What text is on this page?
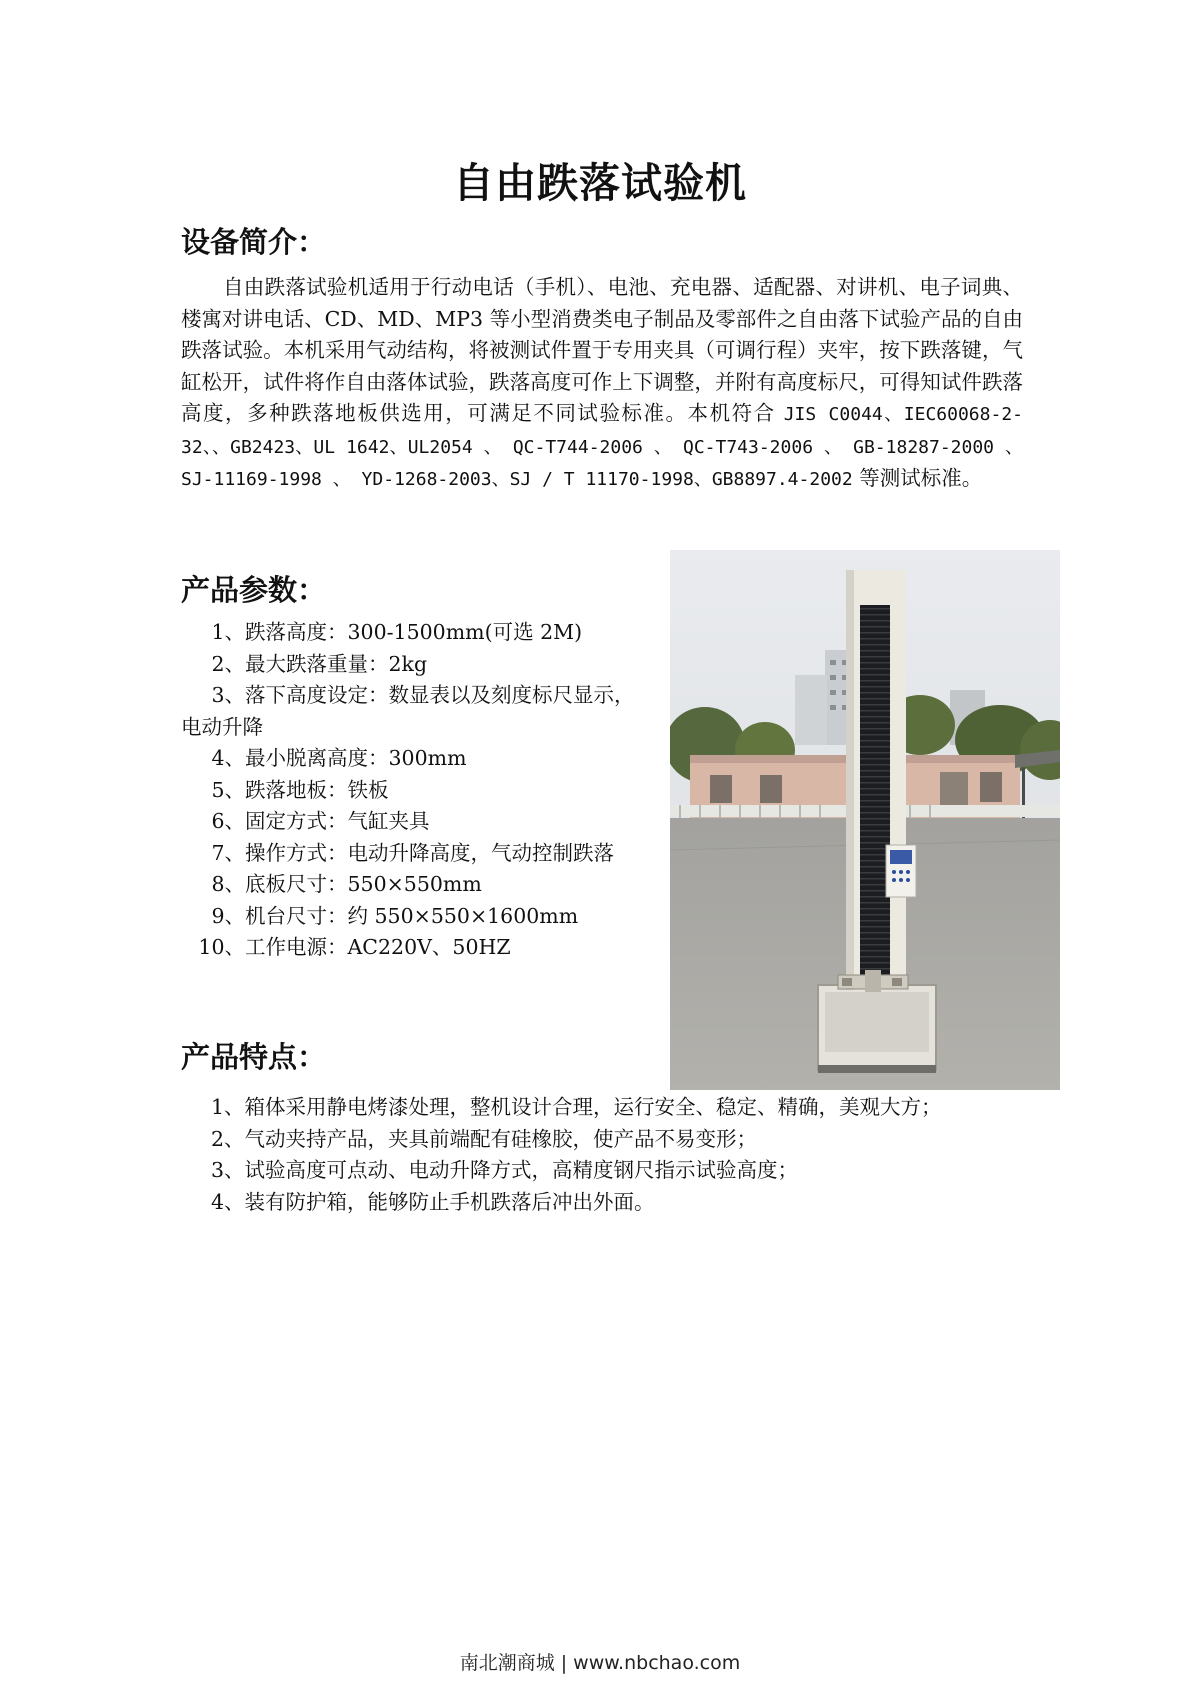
自由跌落试验机
设备简介：

自由跌落试验机适用于行动电话（手机）、电池、充电器、适配器、对讲机、电子词典、楼寓对讲电话、CD、MD、MP3 等小型消费类电子制品及零部件之自由落下试验产品的自由跌落试验。本机采用气动结构，将被测试件置于专用夹具（可调行程）夹牢，按下跌落键，气缸松开，试件将作自由落体试验，跌落高度可作上下调整，并附有高度标尺，可得知试件跌落高度，多种跌落地板供选用，可满足不同试验标准。本机符合 JIS C0044、IEC60068-2-32、、GB2423、UL 1642、UL2054 、 QC-T744-2006 、 QC-T743-2006 、 GB-18287-2000 、 SJ-11169-1998 、 YD-1268-2003、SJ / T 11170-1998、GB8897.4-2002 等测试标准。

产品参数：
1、跌落高度：300-1500mm(可选 2M)
2、最大跌落重量：2kg
3、落下高度设定：数显表以及刻度标尺显示，电动升降
4、最小脱离高度：300mm
5、跌落地板：铁板
6、固定方式：气缸夹具
7、操作方式：电动升降高度，气动控制跌落
8、底板尺寸：550×550mm
9、机台尺寸：约 550×550×1600mm
10、工作电源：AC220V、50HZ
产品特点：
1、箱体采用静电烤漆处理，整机设计合理，运行安全、稳定、精确，美观大方；
2、气动夹持产品，夹具前端配有硅橡胶，使产品不易变形；
3、试验高度可点动、电动升降方式，高精度钢尺指示试验高度；
4、装有防护箱，能够防止手机跌落后冲出外面。
南北潮商城 | www.nbchao.com
